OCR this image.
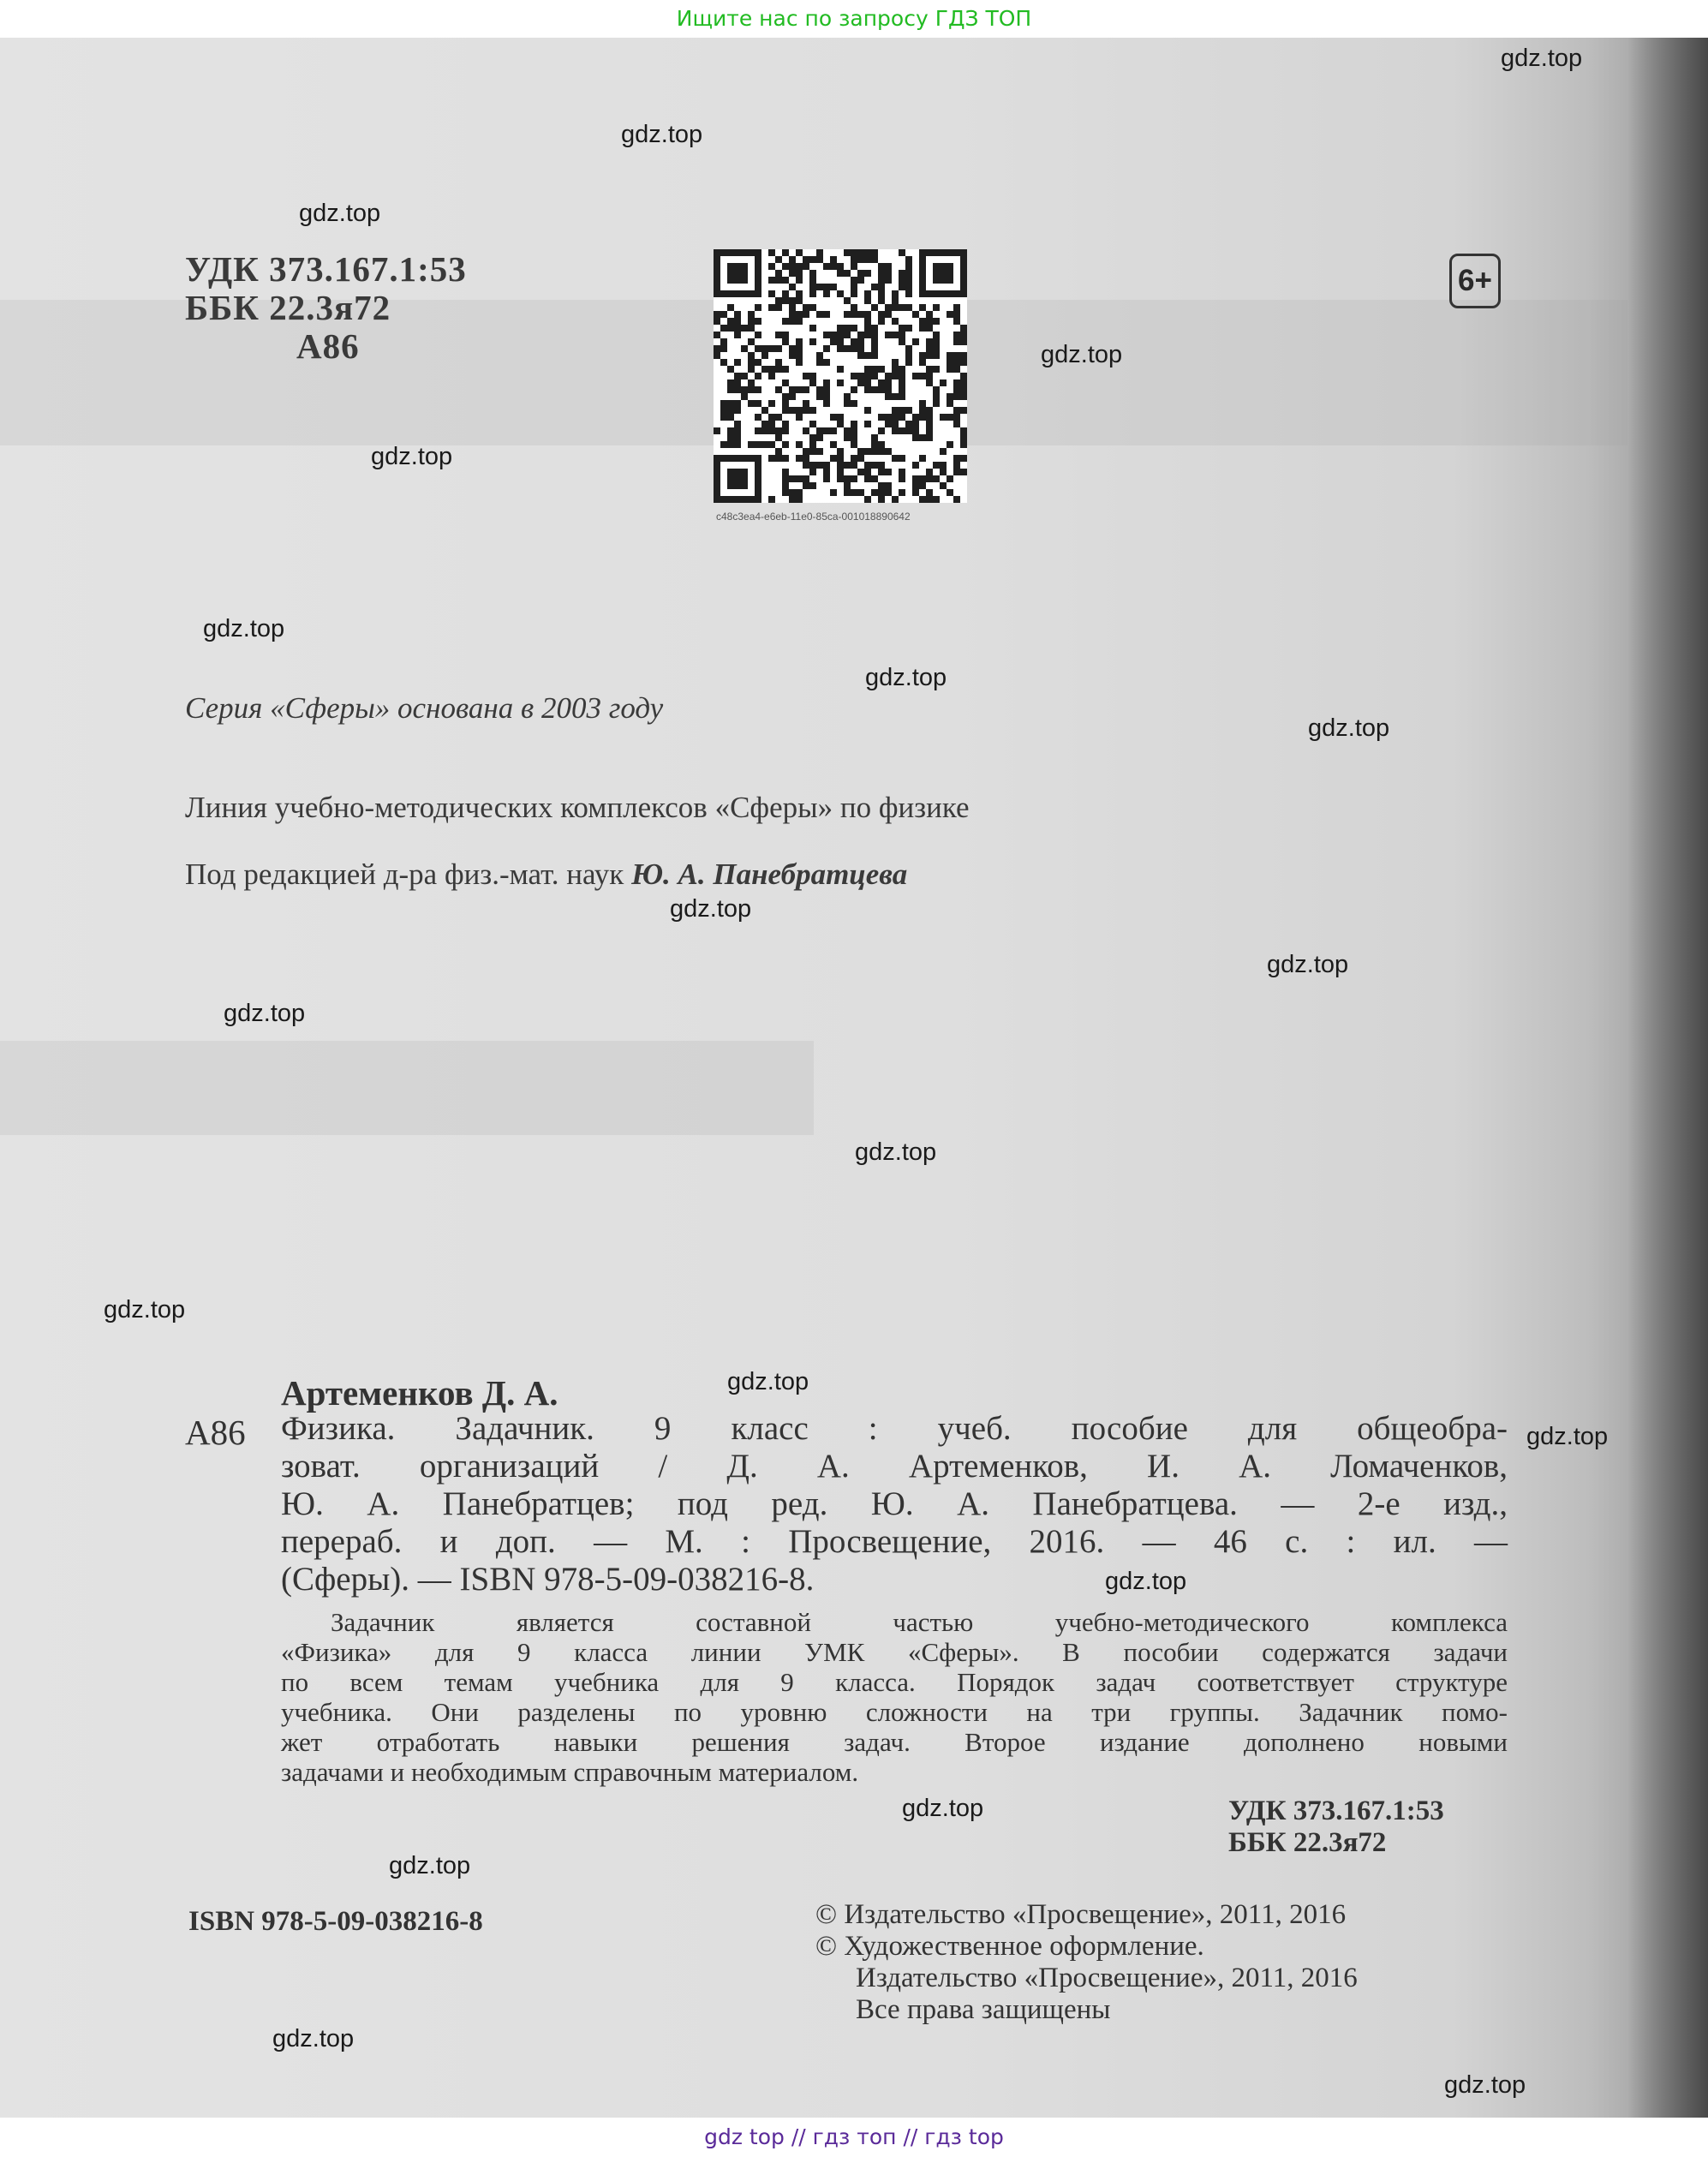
Ищите нас по запросу ГДЗ ТОП
gdz.top
gdz.top
gdz.top
gdz.top
gdz.top
gdz.top
gdz.top
gdz.top
gdz.top
gdz.top
gdz.top
gdz.top
gdz.top
gdz.top
gdz.top
gdz.top
gdz.top
gdz.top
gdz.top
gdz.top
УДК 373.167.1:53
ББК 22.3я72
А86
c48c3ea4-e6eb-11e0-85ca-001018890642
6+
Серия «Сферы» основана в 2003 году
Линия учебно-методических комплексов «Сферы» по физике
Под редакцией д-ра физ.-мат. наук Ю. А. Панебратцева
Артеменков Д. А.
А86 Физика. Задачник. 9 класс : учеб. пособие для общеобра-
зоват. организаций / Д. А. Артеменков, И. А. Ломаченков,
Ю. А. Панебратцев; под ред. Ю. А. Панебратцева. — 2-е изд.,
перераб. и доп. — М. : Просвещение, 2016. — 46 с. : ил. —
(Сферы). — ISBN 978-5-09-038216-8.
Задачник является составной частью учебно-методического комплекса
«Физика» для 9 класса линии УМК «Сферы». В пособии содержатся задачи
по всем темам учебника для 9 класса. Порядок задач соответствует структуре
учебника. Они разделены по уровню сложности на три группы. Задачник помо-
жет отработать навыки решения задач. Второе издание дополнено новыми
задачами и необходимым справочным материалом.
УДК 373.167.1:53
ББК 22.3я72
ISBN 978-5-09-038216-8	© Издательство «Просвещение», 2011, 2016
© Художественное оформление.
Издательство «Просвещение», 2011, 2016
Все права защищены
gdz top // гдз топ // гдз top
